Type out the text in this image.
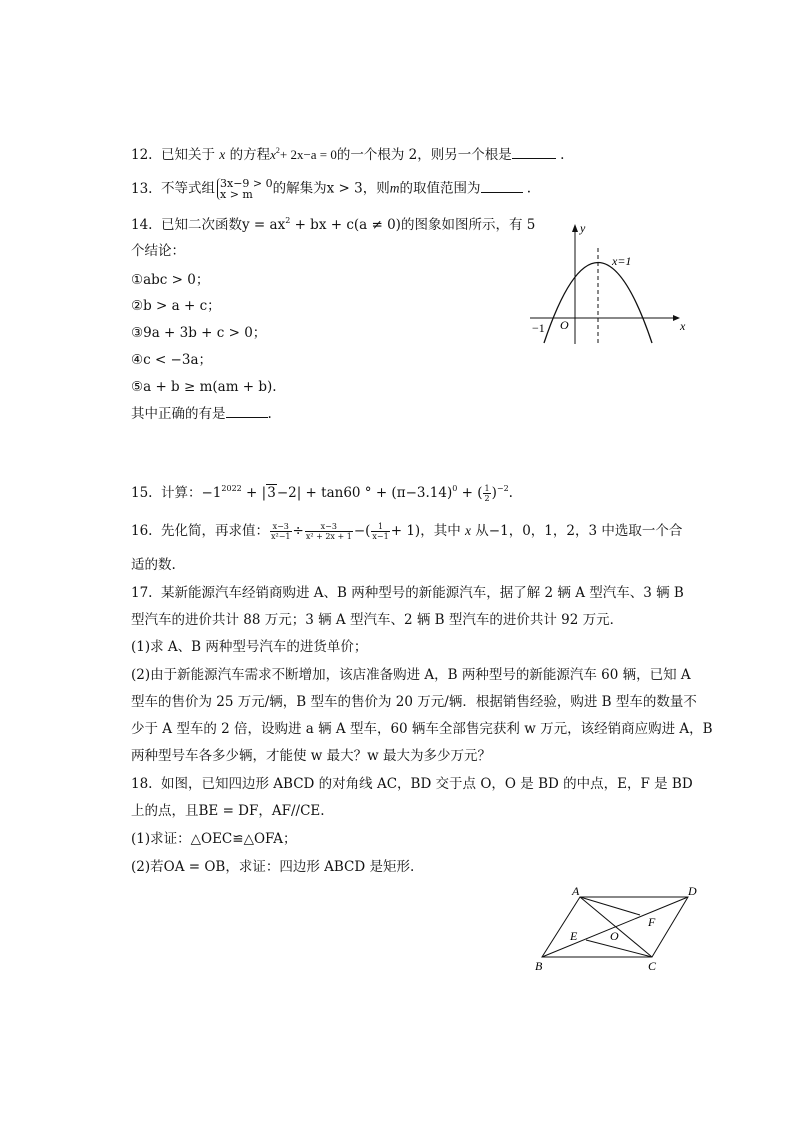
12. 已知关于 x 的方程$x^2+ 2x-a = 0$的一个根为 2，则另一个根是	.
13. 不等式组 3x−9 > 0
x > m	的解集为x > 3，则m的取值范围为	.
14. 已知二次函数$y = ax^2$ + bx + c(a ≠ 0)的图象如图所示，有 5
个结论：
①abc > 0；
②b > a + c；
③9a + 3b + c > 0；
④c < −3a；
⑤a + b ≥ m(am + b).
其中正确的有是	.
y
x
O
−1
x=1
15. 计算：$-1^{2022} + |3-2| + \tan 60$ ° + $(\pi-3.14)^0$ + ( $\frac{1}{2} )^{-2}$.
16. 先化简，再求值： $\frac{x-3}{\text{x²−1}} \div \frac{x-3}{\text{x² + 2x + 1}}$ −( $\frac{1}{x-1} + 1$)，其中 x 从−1，0，1，2，3 中选取一个合
适的数.
17. 某新能源汽车经销商购进 A、B 两种型号的新能源汽车，据了解 2 辆 A 型汽车、3 辆 B
型汽车的进价共计 88 万元；3 辆 A 型汽车、2 辆 B 型汽车的进价共计 92 万元．
(1)求 A、B 两种型号汽车的进货单价；
(2)由于新能源汽车需求不断增加，该店准备购进 A，B 两种型号的新能源汽车 60 辆，已知 A
型车的售价为 25 万元/辆，B 型车的售价为 20 万元/辆．根据销售经验，购进 B 型车的数量不
少于 A 型车的 2 倍，设购进 a 辆 A 型车，60 辆车全部售完获利 w 万元，该经销商应购进 A，B
两种型号车各多少辆，才能使 w 最大？w 最大为多少万元？
18. 如图，已知四边形 ABCD 的对角线 AC，BD 交于点 O，O 是 BD 的中点，E，F 是 BD
上的点，且BE = DF，AF//CE.
(1)求证：△OEC≌△OFA；
(2)若OA = OB，求证：四边形 ABCD 是矩形.
A	D
B	C
E
F
O
